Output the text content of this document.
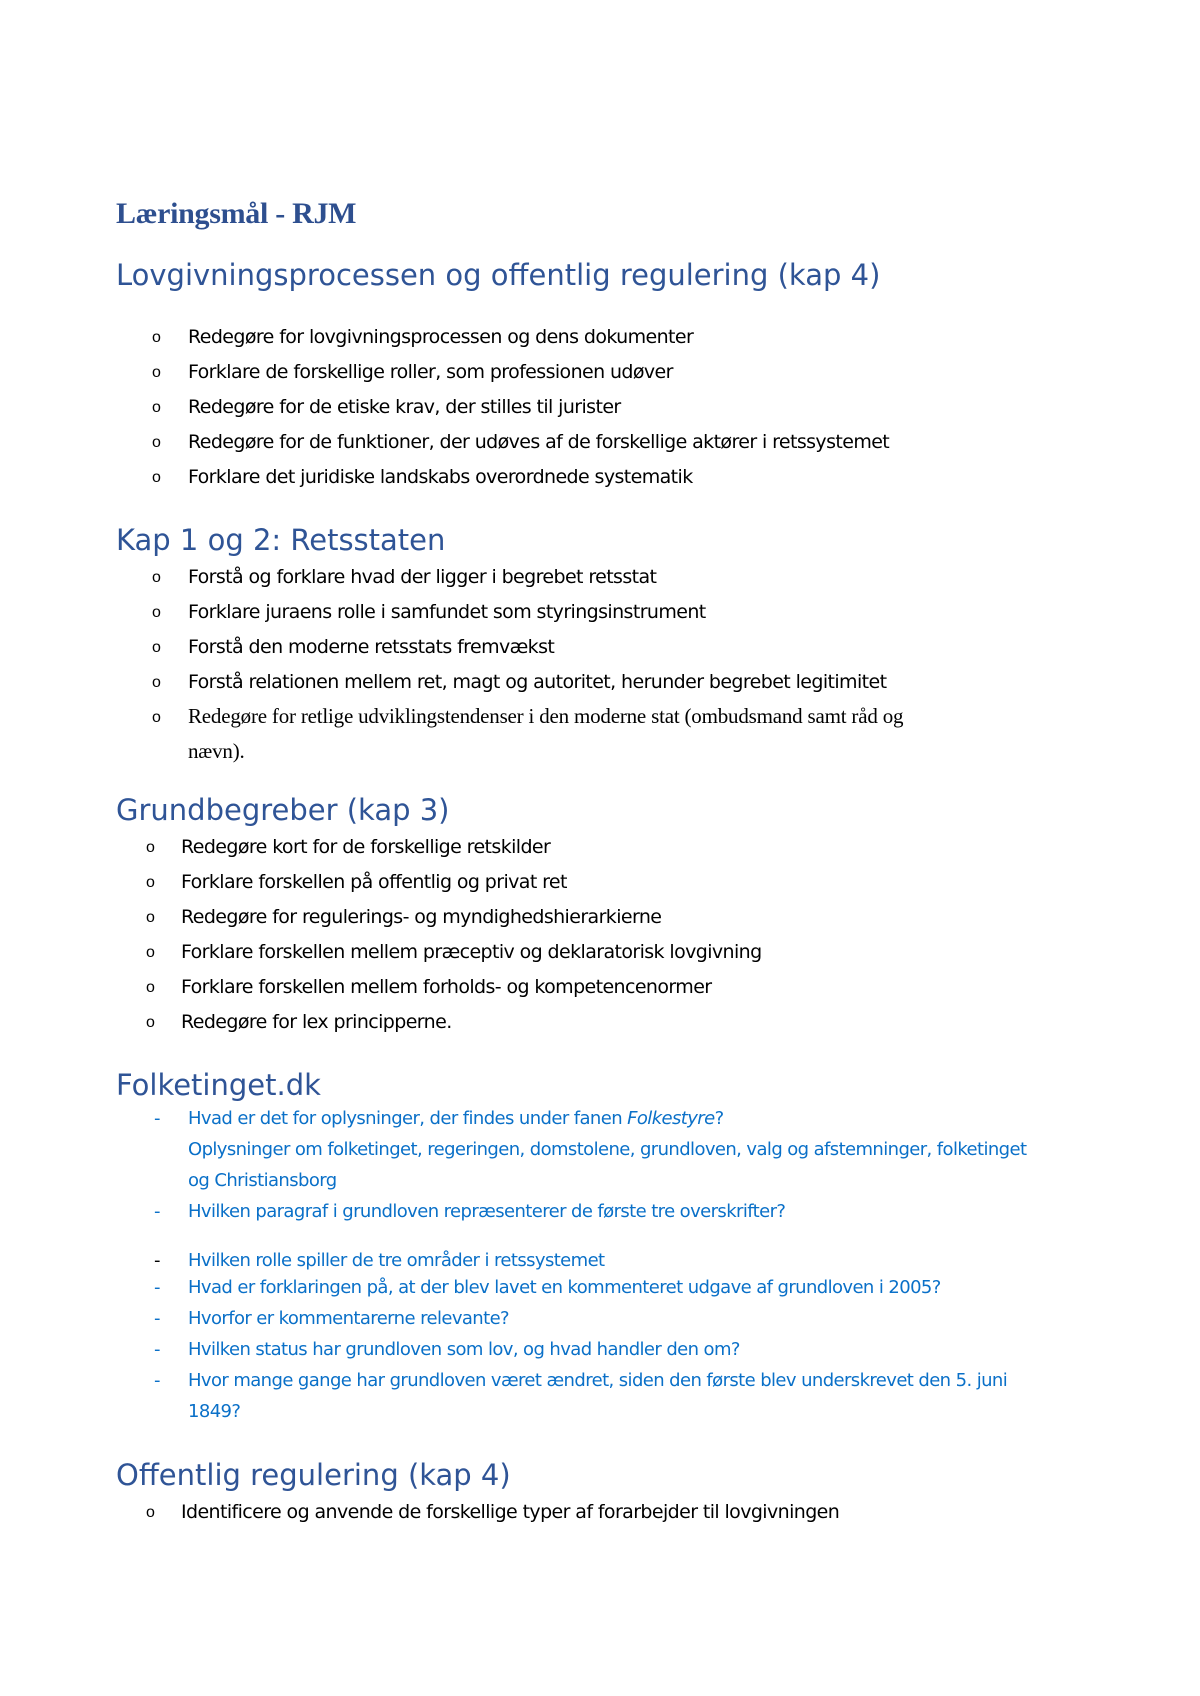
Læringsmål - RJM
Lovgivningsprocessen og offentlig regulering (kap 4)
o Redegøre for lovgivningsprocessen og dens dokumenter
o Forklare de forskellige roller, som professionen udøver
o Redegøre for de etiske krav, der stilles til jurister
o Redegøre for de funktioner, der udøves af de forskellige aktører i retssystemet
o Forklare det juridiske landskabs overordnede systematik
Kap 1 og 2: Retsstaten
o Forstå og forklare hvad der ligger i begrebet retsstat
o Forklare juraens rolle i samfundet som styringsinstrument
o Forstå den moderne retsstats fremvækst
o Forstå relationen mellem ret, magt og autoritet, herunder begrebet legitimitet
o Redegøre for retlige udviklingstendenser i den moderne stat (ombudsmand samt råd og
nævn).
Grundbegreber (kap 3)
o Redegøre kort for de forskellige retskilder
o Forklare forskellen på offentlig og privat ret
o Redegøre for regulerings- og myndighedshierarkierne
o Forklare forskellen mellem præceptiv og deklaratorisk lovgivning
o Forklare forskellen mellem forholds- og kompetencenormer
o Redegøre for lex principperne.
Folketinget.dk
- Hvad er det for oplysninger, der findes under fanen Folkestyre?
Oplysninger om folketinget, regeringen, domstolene, grundloven, valg og afstemninger, folketinget
og Christiansborg
- Hvilken paragraf i grundloven repræsenterer de første tre overskrifter?
- Hvilken rolle spiller de tre områder i retssystemet
- Hvad er forklaringen på, at der blev lavet en kommenteret udgave af grundloven i 2005?
- Hvorfor er kommentarerne relevante?
- Hvilken status har grundloven som lov, og hvad handler den om?
- Hvor mange gange har grundloven været ændret, siden den første blev underskrevet den 5. juni
1849?
Offentlig regulering (kap 4)
o Identificere og anvende de forskellige typer af forarbejder til lovgivningen
